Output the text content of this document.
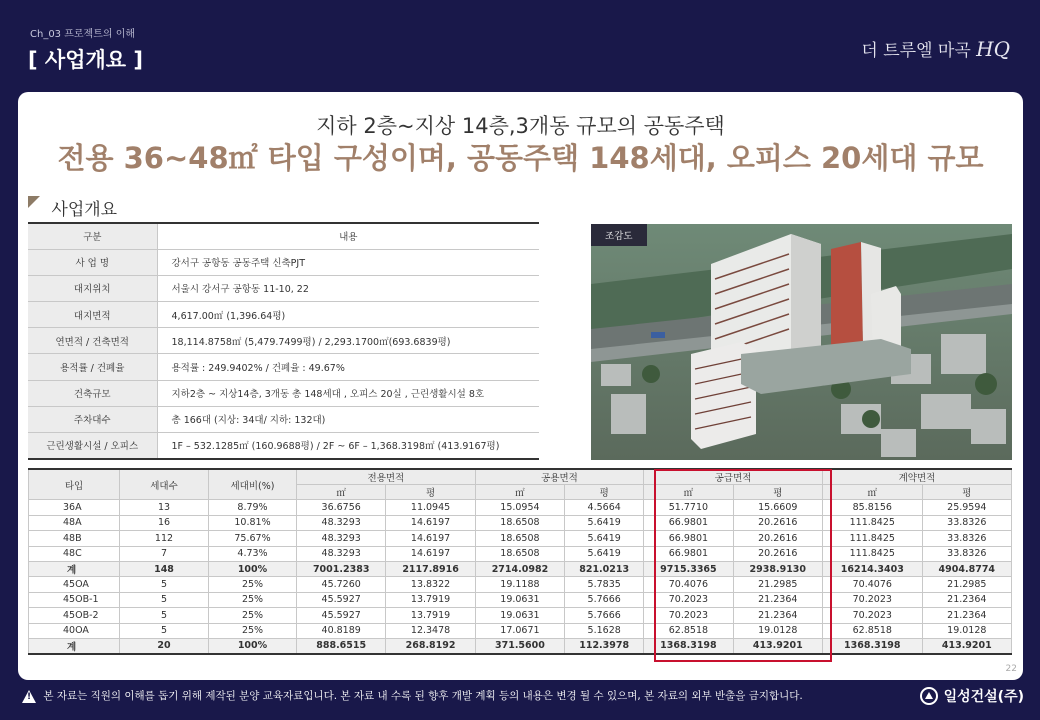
Ch_03 프로젝트의 이해
[ 사업개요 ]	더 트루엘 마곡 HQ
지하 2층~지상 14층,3개동 규모의 공동주택
전용 36~48㎡ 타입 구성이며, 공동주택 148세대, 오피스 20세대 규모
사업개요
구분	내용
사 업 명	강서구 공항동 공동주택 신축PJT
대지위치	서울시 강서구 공항동 11-10, 22
대지면적	4,617.00㎡ (1,396.64평)
연면적 / 건축면적	18,114.8758㎡ (5,479.7499평) / 2,293.1700㎡(693.6839평)
용적률 / 건폐율	용적률 : 249.9402% / 건폐율 : 49.67%
건축규모	지하2층 ~ 지상14층, 3개동 총 148세대 , 오피스 20실 , 근린생활시설 8호
주차대수	총 166대 (지상: 34대/ 지하: 132대)
근린생활시설 / 오피스	1F – 532.1285㎡ (160.9688평) / 2F ~ 6F – 1,368.3198㎡ (413.9167평)
조감도
타입	세대수	세대비(%)	전용면적		공용면적		공급면적		계약면적	
			㎡	평	㎡	평	㎡	평	㎡	평
36A	13	8.79%	36.6756	11.0945	15.0954	4.5664	51.7710	15.6609	85.8156	25.9594
48A	16	10.81%	48.3293	14.6197	18.6508	5.6419	66.9801	20.2616	111.8425	33.8326
48B	112	75.67%	48.3293	14.6197	18.6508	5.6419	66.9801	20.2616	111.8425	33.8326
48C	7	4.73%	48.3293	14.6197	18.6508	5.6419	66.9801	20.2616	111.8425	33.8326
계	148	100%	7001.2383	2117.8916	2714.0982	821.0213	9715.3365	2938.9130	16214.3403	4904.8774
45OA	5	25%	45.7260	13.8322	19.1188	5.7835	70.4076	21.2985	70.4076	21.2985
45OB-1	5	25%	45.5927	13.7919	19.0631	5.7666	70.2023	21.2364	70.2023	21.2364
45OB-2	5	25%	45.5927	13.7919	19.0631	5.7666	70.2023	21.2364	70.2023	21.2364
40OA	5	25%	40.8189	12.3478	17.0671	5.1628	62.8518	19.0128	62.8518	19.0128
계	20	100%	888.6515	268.8192	371.5600	112.3978	1368.3198	413.9201	1368.3198	413.9201
22
! 본 자료는 직원의 이해를 돕기 위해 제작된 분양 교육자료입니다. 본 자료 내 수록 된 향후 개발 계획 등의 내용은 변경 될 수 있으며, 본 자료의 외부 반출을 금지합니다.	일성건설(주)
